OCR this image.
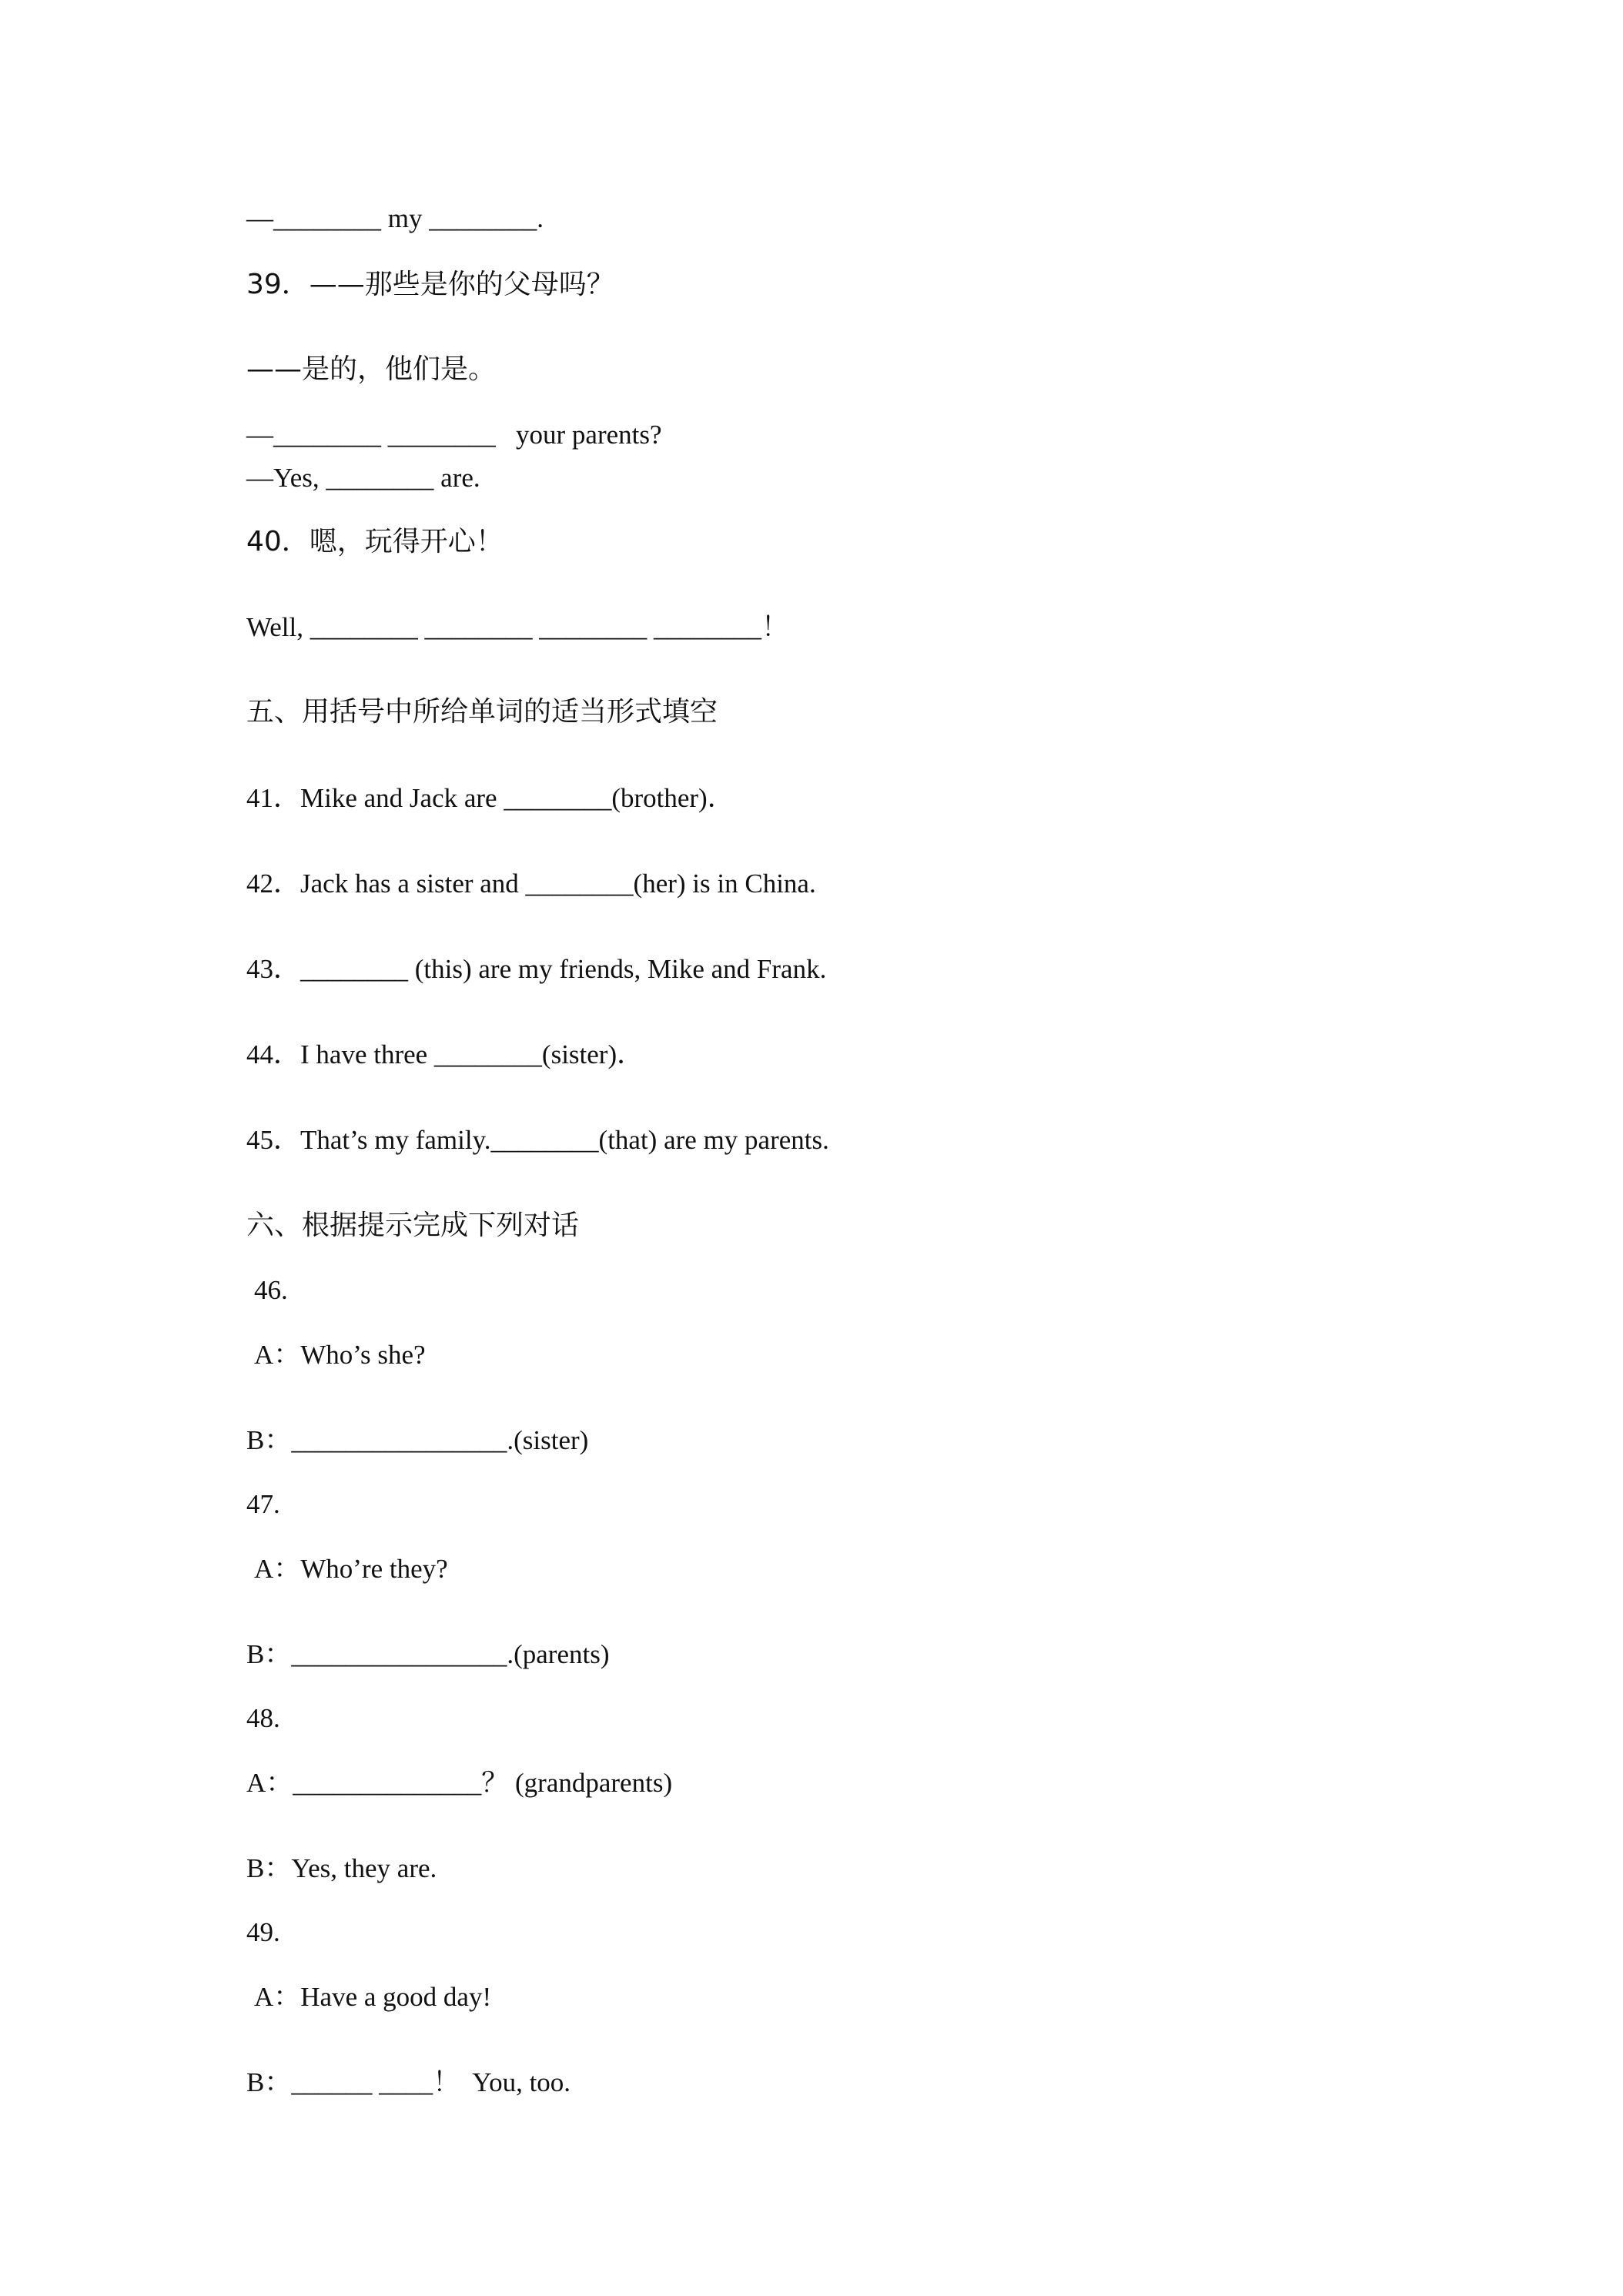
—________ my ________.
39．——那些是你的父母吗？
——是的，他们是。
—________ ________   your parents?
—Yes, ________ are.
40．嗯，玩得开心！
Well, ________ ________ ________ ________！
五、用括号中所给单词的适当形式填空
41．Mike and Jack are ________(brother)．
42．Jack has a sister and ________(her) is in China.
43．________ (this) are my friends, Mike and Frank.
44．I have three ________(sister)．
45．That’s my family.________(that) are my parents.
六、根据提示完成下列对话
46.
A：Who’s she?
B：________________.(sister)
47.
A：Who’re they?
B：________________.(parents)
48.
A：______________？ (grandparents)
B：Yes, they are.
49.
A：Have a good day!
B：______ ____！  You, too.
